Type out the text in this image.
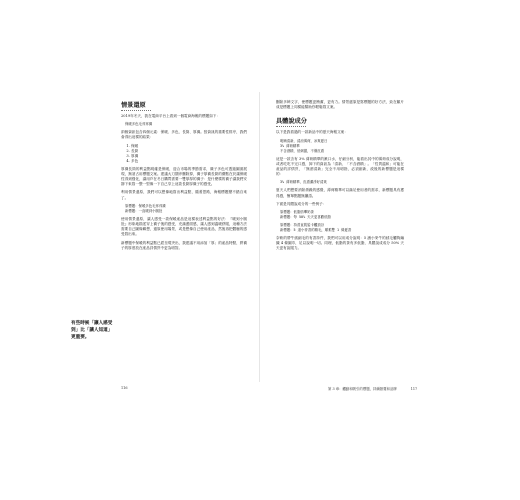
情景還原

2019年冬天，我在電商平台上看到一個電商海報的標題如下：

保暖多色毛茸茸襪

兩個資訊包含四個元素：保暖、多色、長筒、厚襪。按資訊的重要性排序，我們會得出這樣的結果：

1. 保暖
2. 長筒
3. 厚襪
4. 多色

厚襪長筒的利益點明確是保暖，迎合市場的季節需求，襪子多色可透過圖面展現，無須占用標題文案。建議大刀闊斧刪除掉，襪子厚襪長筒的優點在於讓保暖性得到強化，讓用戶在冬日購買需要一雙厚厚的襪子：是什麼樣的襪子讓我們安靜下來寫一整一型像一下自己穿上這款長筒厚襪子的感受。

利用情景還原，我們可以想像地寫出利益點，隨著思路，海報標題變不錯自來了。

原標題：保暖多色毛茸茸襪
新標題：一直暖到小腿肚

使用情景還原，讓人感受一款保暖產品是這樣表述利益點的好法：『暖到小腿肚』形象地描述穿上襪子後的感受，充滿畫面感，讓人感到溫暖舒服，這種方法需要自己圖像聯想，還原使用場景，或是想像自己使用產品，然後再把體驗的感受寫出來。

新標題中保暖的利益點已經呈現突出，我建議不用添加「厚」的產品特點，將襪子的厚度放在產品詳情頁中更為明智。

有些時候「讓人感受到」比「讓人知道」更重要。

刪除多餘文字，使標題更簡潔，更有力。情景還原是寫標題的好方法，致在顧片成是標題上同樣能幫助你輕鬆寫文案。

具體說成分

以下是我看過的一款新品中的夏天海報文案：

呢喃清新，清涼薄荷，冰爽夏日
3% 薄荷精華
不含酒精，低刺激，不傷皮膚

這是一款含有 3% 薄荷精華的漱口水，仔細分析，能看出其中的薄荷成分說明，或者吃吃不完口感，卸下的資訊為「清新、「不含酒精」。「性質溫和」可能在產品的詳情頁，「無酒清新」完全不用明指，必須創新，改後的新標題是這樣的：

3% 薄荷精華，皮膚潔淨好清爽

夏天人們想要消除煩躁的感覺，薄荷精華可以滿足使用者的需求，新標題具有獲得感，簡單點題無纖語。

下面是具體說成分的一些例子：

原標題：低脂肪嗶奶茶
新標題：每 50% 天天更喜歡低脂
原標題：持普直肌髮卡觸頂谷
新標題：5 道小麥香的精毛，順柔雙 1 條夏香

奈軟的帶牛絨細毛的有香持件，我們可以用成分說明：5 涵小麥牛的絨毛觸夠編織 4 條圖巾，足以說明一切。同理，低脂的茶有多低脂，具體說成成分 50% 天天更有說服力。

116	第 3 章：觸動和吸引的標題，持續熱賣和品牌	117
